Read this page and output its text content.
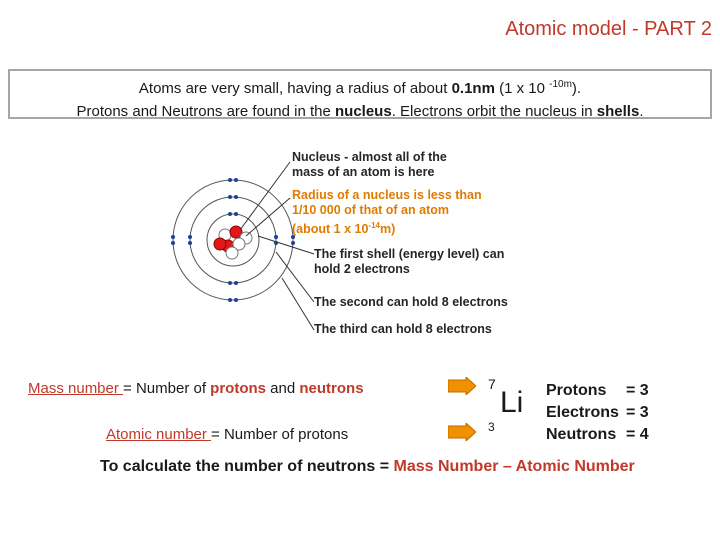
Atomic model - PART 2
Atoms are very small, having a radius of about 0.1nm (1 x 10 $^{-10m}$).
Protons and Neutrons are found in the nucleus. Electrons orbit the nucleus in shells.
Nucleus - almost all of the
mass of an atom is here
Radius of a nucleus is less than
1/10 000 of that of an atom
(about 1 x $10^{-14}m$)
The first shell (energy level) can
hold 2 electrons
The second can hold 8 electrons
The third can hold 8 electrons
Mass number = Number of protons and neutrons
Atomic number = Number of protons
7
Li
3
Protons = 3
Electrons = 3
Neutrons = 4
To calculate the number of neutrons = Mass Number – Atomic Number
